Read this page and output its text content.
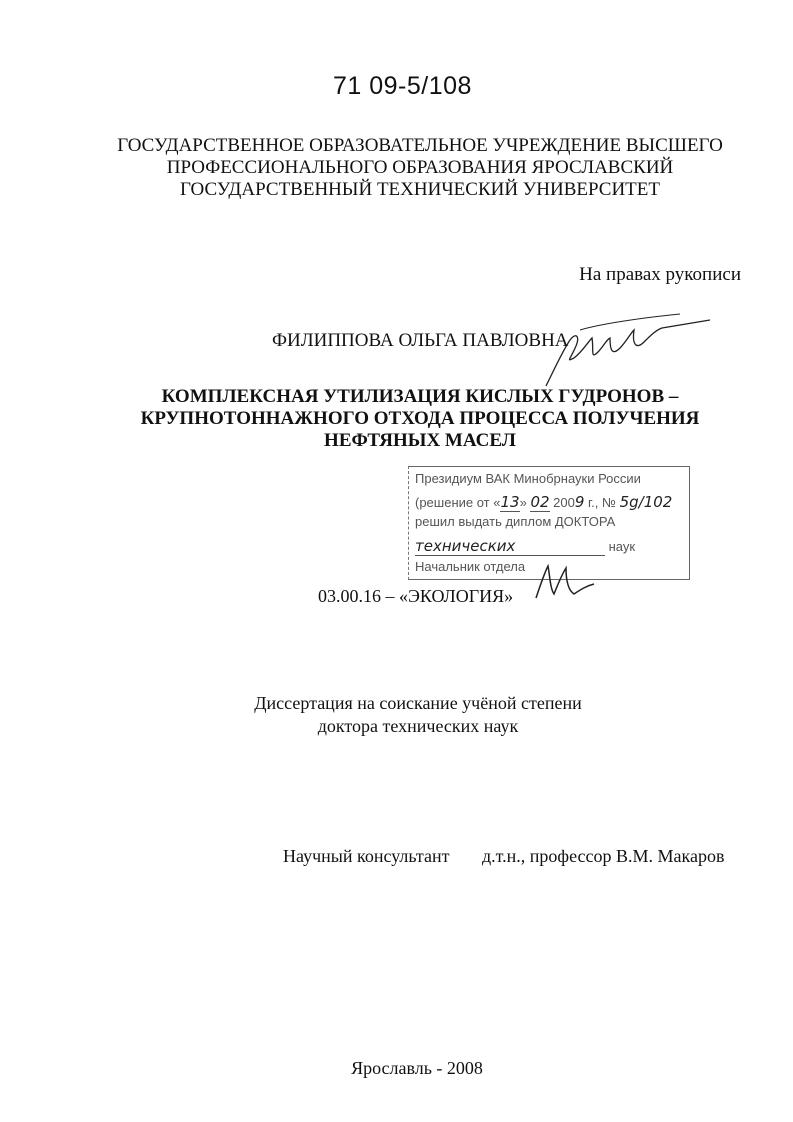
71 09-5/108
ГОСУДАРСТВЕННОЕ ОБРАЗОВАТЕЛЬНОЕ УЧРЕЖДЕНИЕ ВЫСШЕГО
ПРОФЕССИОНАЛЬНОГО ОБРАЗОВАНИЯ ЯРОСЛАВСКИЙ
ГОСУДАРСТВЕННЫЙ ТЕХНИЧЕСКИЙ УНИВЕРСИТЕТ
На правах рукописи
ФИЛИППОВА ОЛЬГА ПАВЛОВНА
КОМПЛЕКСНАЯ УТИЛИЗАЦИЯ КИСЛЫХ ГУДРОНОВ –
КРУПНОТОННАЖНОГО ОТХОДА ПРОЦЕССА ПОЛУЧЕНИЯ
НЕФТЯНЫХ МАСЕЛ
Президиум ВАК Минобрнауки России
(решение от «13» 02 2009 г., № 5g/102
решил выдать диплом ДОКТОРА
технических	наук
Начальник отдела
03.00.16 – «ЭКОЛОГИЯ»
Диссертация на соискание учёной степени
доктора технических наук
Научный консультант д.т.н., профессор В.М. Макаров
Ярославль - 2008
